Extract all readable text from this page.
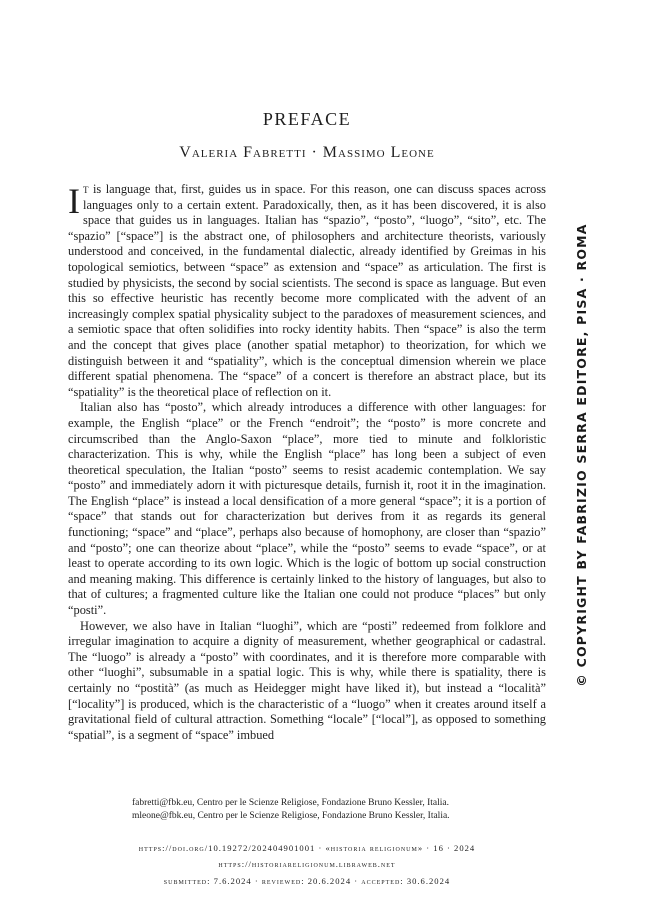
PREFACE
Valeria Fabretti · Massimo Leone

It is language that, first, guides us in space. For this reason, one can discuss spaces across languages only to a certain extent. Paradoxically, then, as it has been discovered, it is also space that guides us in languages. Italian has “spazio”, “posto”, “luogo”, “sito”, etc. The “spazio” [“space”] is the abstract one, of philosophers and architecture theorists, variously understood and conceived, in the fundamental dialectic, already identified by Greimas in his topological semiotics, between “space” as extension and “space” as articulation. The first is studied by physicists, the second by social scientists. The second is space as language. But even this so effective heuristic has recently become more complicated with the advent of an increasingly complex spatial physicality subject to the paradoxes of measurement sciences, and a semiotic space that often solidifies into rocky identity habits. Then “space” is also the term and the concept that gives place (another spatial metaphor) to theorization, for which we distinguish between it and “spatiality”, which is the conceptual dimension wherein we place different spatial phenomena. The “space” of a concert is therefore an abstract place, but its “spatiality” is the theoretical place of reflection on it.

Italian also has “posto”, which already introduces a difference with other languages: for example, the English “place” or the French “endroit”; the “posto” is more concrete and circumscribed than the Anglo-Saxon “place”, more tied to minute and folkloristic characterization. This is why, while the English “place” has long been a subject of even theoretical speculation, the Italian “posto” seems to resist academic contemplation. We say “posto” and immediately adorn it with picturesque details, furnish it, root it in the imagination. The English “place” is instead a local densification of a more general “space”; it is a portion of “space” that stands out for characterization but derives from it as regards its general functioning; “space” and “place”, perhaps also because of homophony, are closer than “spazio” and “posto”; one can theorize about “place”, while the “posto” seems to evade “space”, or at least to operate according to its own logic. Which is the logic of bottom up social construction and meaning making. This difference is certainly linked to the history of languages, but also to that of cultures; a fragmented culture like the Italian one could not produce “places” but only “posti”.

However, we also have in Italian “luoghi”, which are “posti” redeemed from folklore and irregular imagination to acquire a dignity of measurement, whether geographical or cadastral. The “luogo” is already a “posto” with coordinates, and it is therefore more comparable with other “luoghi”, subsumable in a spatial logic. This is why, while there is spatiality, there is certainly no “postità” (as much as Heidegger might have liked it), but instead a “località” [“locality”] is produced, which is the characteristic of a “luogo” when it creates around itself a gravitational field of cultural attraction. Something “locale” [“local”], as opposed to something “spatial”, is a segment of “space” imbued

© COPYRIGHT BY FABRIZIO SERRA EDITORE, PISA · ROMA
fabretti@fbk.eu, Centro per le Scienze Religiose, Fondazione Bruno Kessler, Italia.
mleone@fbk.eu, Centro per le Scienze Religiose, Fondazione Bruno Kessler, Italia.
https://doi.org/10.19272/202404901001 · «historia religionum» · 16 · 2024
https://historiareligionum.libraweb.net
submitted: 7.6.2024 · reviewed: 20.6.2024 · accepted: 30.6.2024
